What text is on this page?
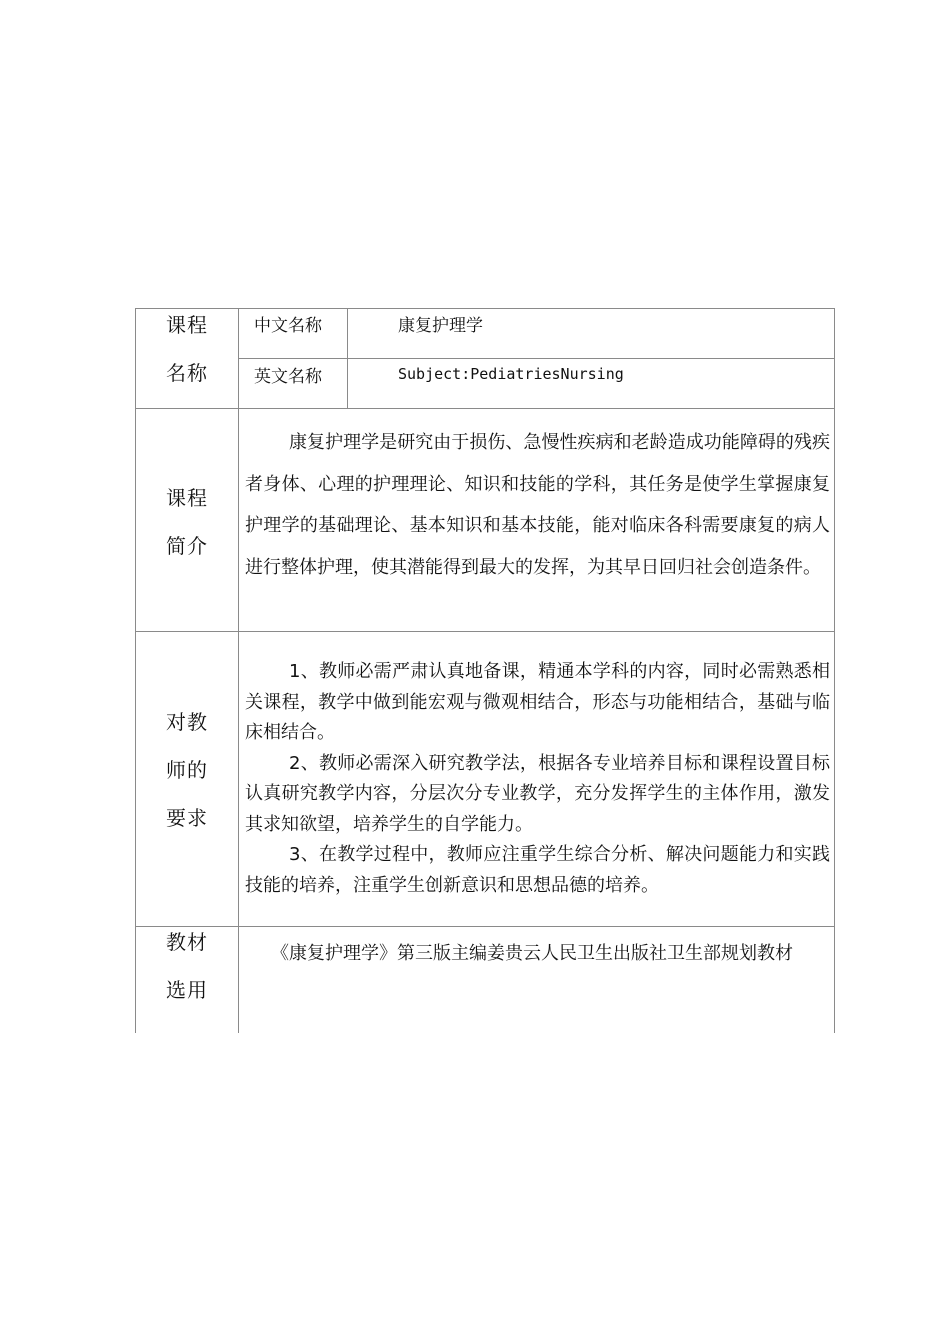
课程
名称
中文名称	康复护理学
英文名称	Subject:PediatriesNursing
课程
简介

康复护理学是研究由于损伤、急慢性疾病和老龄造成功能障碍的残疾者身体、心理的护理理论、知识和技能的学科，其任务是使学生掌握康复护理学的基础理论、基本知识和基本技能，能对临床各科需要康复的病人进行整体护理，使其潜能得到最大的发挥，为其早日回归社会创造条件。

对教
师的
要求
1、教师必需严肃认真地备课，精通本学科的内容，同时必需熟悉相关课程，教学中做到能宏观与微观相结合，形态与功能相结合，基础与临床相结合。
2、教师必需深入研究教学法，根据各专业培养目标和课程设置目标认真研究教学内容，分层次分专业教学，充分发挥学生的主体作用，激发其求知欲望，培养学生的自学能力。
3、在教学过程中，教师应注重学生综合分析、解决问题能力和实践技能的培养，注重学生创新意识和思想品德的培养。
教材
选用
《康复护理学》第三版主编姜贵云人民卫生出版社卫生部规划教材
